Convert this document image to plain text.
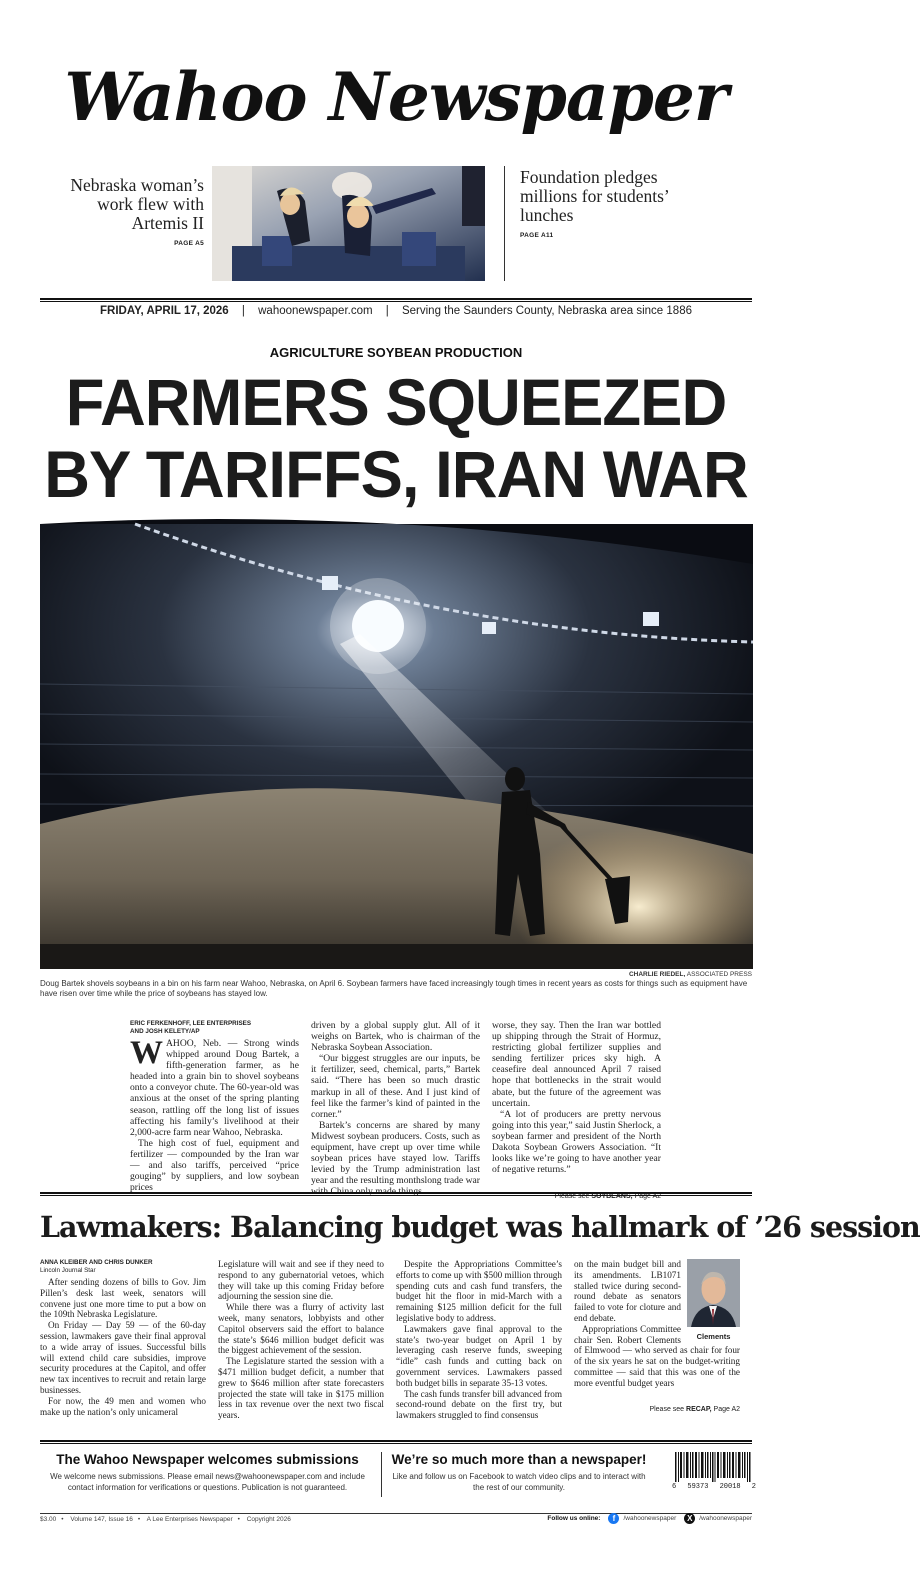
Wahoo Newspaper
Nebraska woman’s work flew with Artemis II
PAGE A5
Foundation pledges millions for students’ lunches
PAGE A11
FRIDAY, APRIL 17, 2026 | wahoonewspaper.com | Serving the Saunders County, Nebraska area since 1886
AGRICULTURE SOYBEAN PRODUCTION
FARMERS SQUEEZED
BY TARIFFS, IRAN WAR
CHARLIE RIEDEL, ASSOCIATED PRESS
Doug Bartek shovels soybeans in a bin on his farm near Wahoo, Nebraska, on April 6. Soybean farmers have faced increasingly tough times in recent years as costs for things such as equipment have have risen over time while the price of soybeans has stayed low.
ERIC FERKENHOFF, LEE ENTERPRISES
AND JOSH KELETY/AP

WAHOO, Neb. — Strong winds whipped around Doug Bartek, a fifth-generation farmer, as he headed into a grain bin to shovel soybeans onto a conveyor chute. The 60-year-old was anxious at the onset of the spring planting season, rattling off the long list of issues affecting his family’s livelihood at their 2,000-acre farm near Wahoo, Nebraska.

The high cost of fuel, equipment and fertilizer — compounded by the Iran war — and also tariffs, perceived “price gouging” by suppliers, and low soybean prices

driven by a global supply glut. All of it weighs on Bartek, who is chairman of the Nebraska Soybean Association.

“Our biggest struggles are our inputs, be it fertilizer, seed, chemical, parts,” Bartek said. “There has been so much drastic markup in all of these. And I just kind of feel like the farmer’s kind of painted in the corner.”

Bartek’s concerns are shared by many Midwest soybean producers. Costs, such as equipment, have crept up over time while soybean prices have stayed low. Tariffs levied by the Trump administration last year and the resulting monthslong trade war with China only made things

worse, they say. Then the Iran war bottled up shipping through the Strait of Hormuz, restricting global fertilizer supplies and sending fertilizer prices sky high. A ceasefire deal announced April 7 raised hope that bottlenecks in the strait would abate, but the future of the agreement was uncertain.

“A lot of producers are pretty nervous going into this year,” said Justin Sherlock, a soybean farmer and president of the North Dakota Soybean Growers Association. “It looks like we’re going to have another year of negative returns.”

Please see SOYBEANS, Page A2
Lawmakers: Balancing budget was hallmark of ’26 session
ANNA KLEIBER AND CHRIS DUNKER
Lincoln Journal Star

After sending dozens of bills to Gov. Jim Pillen’s desk last week, senators will convene just one more time to put a bow on the 109th Nebraska Legislature.

On Friday — Day 59 — of the 60-day session, lawmakers gave their final approval to a wide array of issues. Successful bills will extend child care subsidies, improve security procedures at the Capitol, and offer new tax incentives to recruit and retain large businesses.

For now, the 49 men and women who make up the nation’s only unicameral

Legislature will wait and see if they need to respond to any gubernatorial vetoes, which they will take up this coming Friday before adjourning the session sine die.

While there was a flurry of activity last week, many senators, lobbyists and other Capitol observers said the effort to balance the state’s $646 million budget deficit was the biggest achievement of the session.

The Legislature started the session with a $471 million budget deficit, a number that grew to $646 million after state forecasters projected the state will take in $175 million less in tax revenue over the next two fiscal years.

Despite the Appropriations Committee’s efforts to come up with $500 million through spending cuts and cash fund transfers, the budget hit the floor in mid-March with a remaining $125 million deficit for the full legislative body to address.

Lawmakers gave final approval to the state’s two-year budget on April 1 by leveraging cash reserve funds, sweeping “idle” cash funds and cutting back on government services. Lawmakers passed both budget bills in separate 35-13 votes.

The cash funds transfer bill advanced from second-round debate on the first try, but lawmakers struggled to find consensus

Clements

on the main budget bill and its amendments. LB1071 stalled twice during second-round debate as senators failed to vote for cloture and end debate.

Appropriations Committee chair Sen. Robert Clements of Elmwood — who served as chair for four of the six years he sat on the budget-writing committee — said that this was one of the more eventful budget years

Please see RECAP, Page A2
The Wahoo Newspaper welcomes submissions
We welcome news submissions. Please email news@wahoonewspaper.com and include contact information for verifications or questions. Publication is not guaranteed.
We’re so much more than a newspaper!
Like and follow us on Facebook to watch video clips and to interact with the rest of our community.	6 59373 20018 2
$3.00 • Volume 147, Issue 16 • A Lee Enterprises Newspaper • Copyright 2026	Follow us online:	f	/wahoonewspaper	X	/wahoonewspaper
